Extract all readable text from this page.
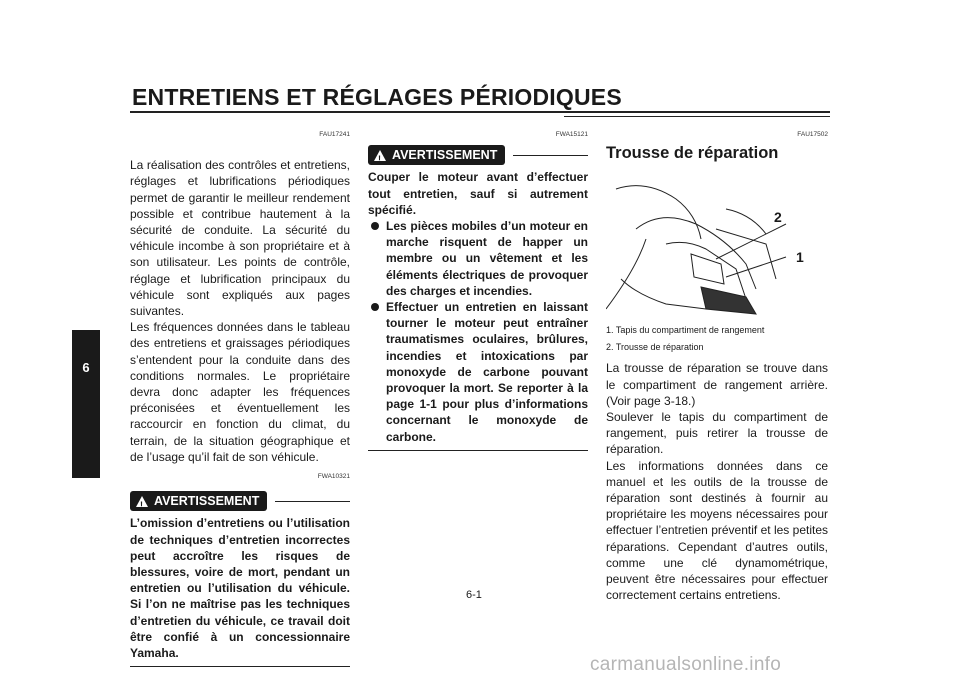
ENTRETIENS ET RÉGLAGES PÉRIODIQUES
6
FAU17241

La réalisation des contrôles et entretiens, réglages et lubrifications périodiques permet de garantir le meilleur rendement possible et contribue hautement à la sécurité de conduite. La sécurité du véhicule incombe à son propriétaire et à son utilisateur. Les points de contrôle, réglage et lubrification principaux du véhicule sont expliqués aux pages suivantes.

Les fréquences données dans le tableau des entretiens et graissages périodiques s’entendent pour la conduite dans des conditions normales. Le propriétaire devra donc adapter les fréquences préconisées et éventuellement les raccourcir en fonction du climat, du terrain, de la situation géographique et de l’usage qu’il fait de son véhicule.

FWA10321
! AVERTISSEMENT

L’omission d’entretiens ou l’utilisation de techniques d’entretien incorrectes peut accroître les risques de blessures, voire de mort, pendant un entretien ou l’utilisation du véhicule. Si l’on ne maîtrise pas les techniques d’entretien du véhicule, ce travail doit être confié à un concessionnaire Yamaha.

FWA15121
! AVERTISSEMENT

Couper le moteur avant d’effectuer tout entretien, sauf si autrement spécifié.

Les pièces mobiles d’un moteur en marche risquent de happer un membre ou un vêtement et les éléments électriques de provoquer des charges et incendies.
Effectuer un entretien en laissant tourner le moteur peut entraîner traumatismes oculaires, brûlures, incendies et intoxications par monoxyde de carbone pouvant provoquer la mort. Se reporter à la page 1-1 pour plus d’informations concernant le monoxyde de carbone.
FAU17502
Trousse de réparation
2
1
1. Tapis du compartiment de rangement
2. Trousse de réparation

La trousse de réparation se trouve dans le compartiment de rangement arrière. (Voir page 3-18.)

Soulever le tapis du compartiment de rangement, puis retirer la trousse de réparation.

Les informations données dans ce manuel et les outils de la trousse de réparation sont destinés à fournir au propriétaire les moyens nécessaires pour effectuer l’entretien préventif et les petites réparations. Cependant d’autres outils, comme une clé dynamométrique, peuvent être nécessaires pour effectuer correctement certains entretiens.

6-1
carmanualsonline.info
